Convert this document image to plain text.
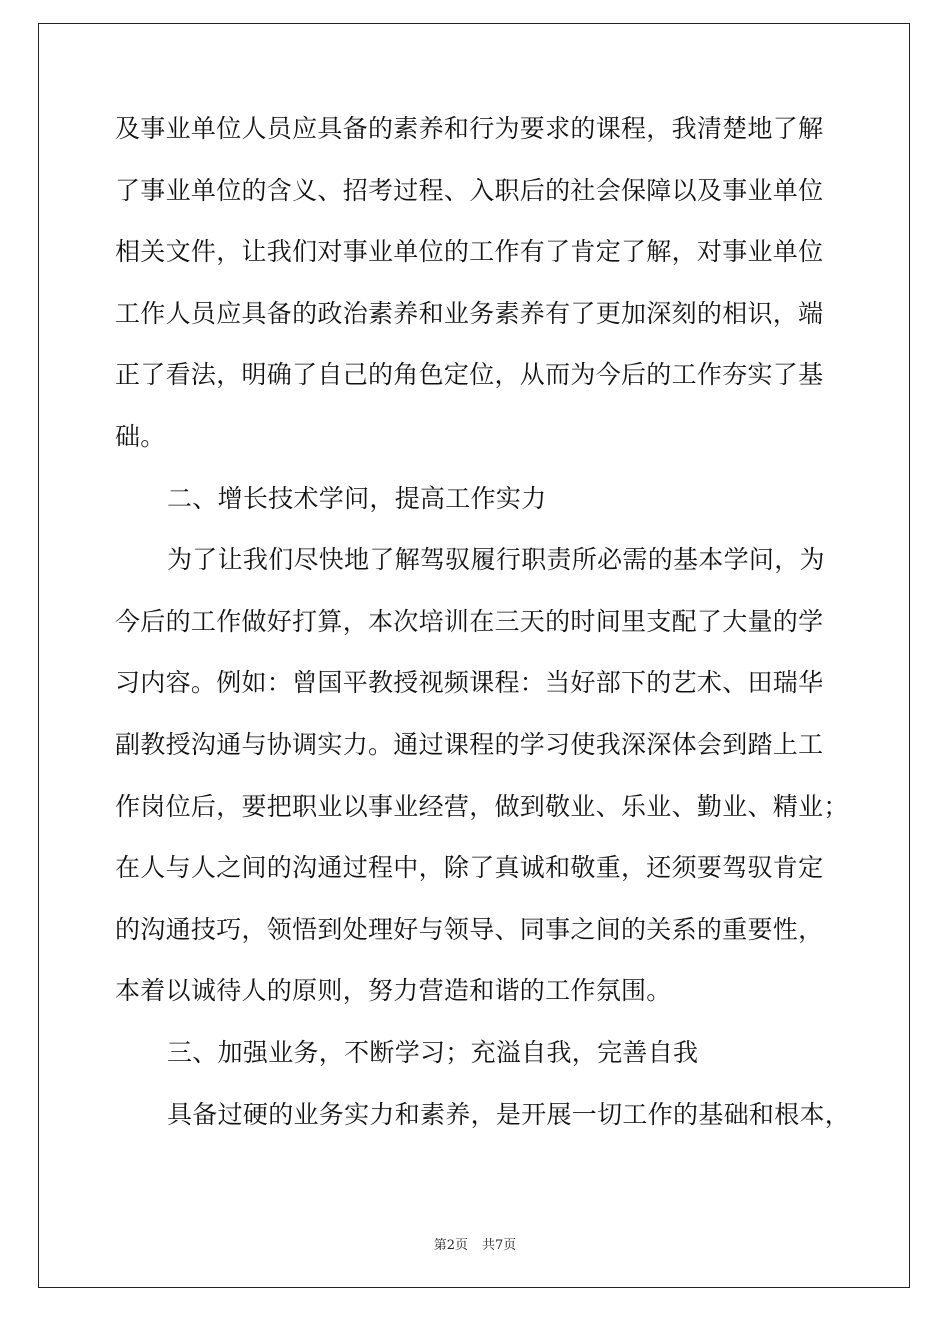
及事业单位人员应具备的素养和行为要求的课程，我清楚地了解
了事业单位的含义、招考过程、入职后的社会保障以及事业单位
相关文件，让我们对事业单位的工作有了肯定了解，对事业单位
工作人员应具备的政治素养和业务素养有了更加深刻的相识，端
正了看法，明确了自己的角色定位，从而为今后的工作夯实了基
础。
二、增长技术学问，提高工作实力
为了让我们尽快地了解驾驭履行职责所必需的基本学问，为
今后的工作做好打算，本次培训在三天的时间里支配了大量的学
习内容。例如：曾国平教授视频课程：当好部下的艺术、田瑞华
副教授沟通与协调实力。通过课程的学习使我深深体会到踏上工
作岗位后，要把职业以事业经营，做到敬业、乐业、勤业、精业；
在人与人之间的沟通过程中，除了真诚和敬重，还须要驾驭肯定
的沟通技巧，领悟到处理好与领导、同事之间的关系的重要性，
本着以诚待人的原则，努力营造和谐的工作氛围。
三、加强业务，不断学习；充溢自我，完善自我
具备过硬的业务实力和素养，是开展一切工作的基础和根本，
第2页 共7页
